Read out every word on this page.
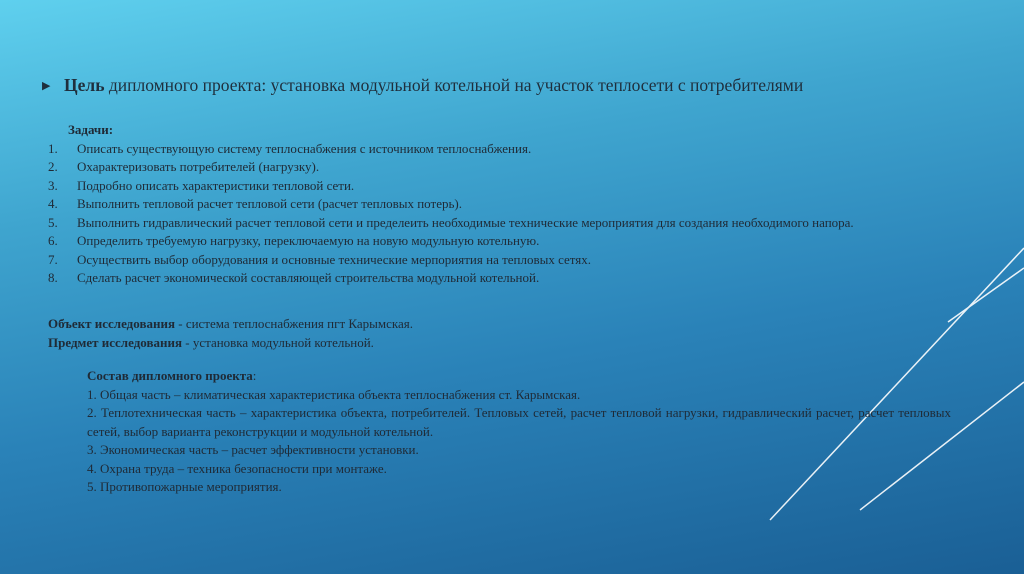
▶ Цель дипломного проекта: установка модульной котельной на участок теплосети с потребителями
Задачи:
1.	Описать существующую систему теплоснабжения с источником теплоснабжения.
2.	Охарактеризовать потребителей (нагрузку).
3.	Подробно описать характеристики тепловой сети.
4.	Выполнить тепловой расчет тепловой сети (расчет тепловых потерь).
5.	Выполнить гидравлический расчет тепловой сети и пределеить необходимые технические мероприятия для создания необходимого напора.
6.	Определить требуемую нагрузку, переключаемую на новую модульную котельную.
7.	Осуществить выбор оборудования и основные технические мерпориятия на тепловых сетях.
8.	Сделать расчет экономической составляющей строительства модульной котельной.
Объект исследования - система теплоснабжения пгт Карымская.
Предмет исследования - установка модульной котельной.
Состав дипломного проекта:
1. Общая часть – климатическая характеристика объекта теплоснабжения ст. Карымская.
2. Теплотехническая часть – характеристика объекта, потребителей. Тепловых сетей, расчет тепловой нагрузки, гидравлический расчет, расчет тепловых сетей, выбор варианта реконструкции и модульной котельной.
3. Экономическая часть – расчет эффективности установки.
4. Охрана труда – техника безопасности при монтаже.
5. Противопожарные мероприятия.
